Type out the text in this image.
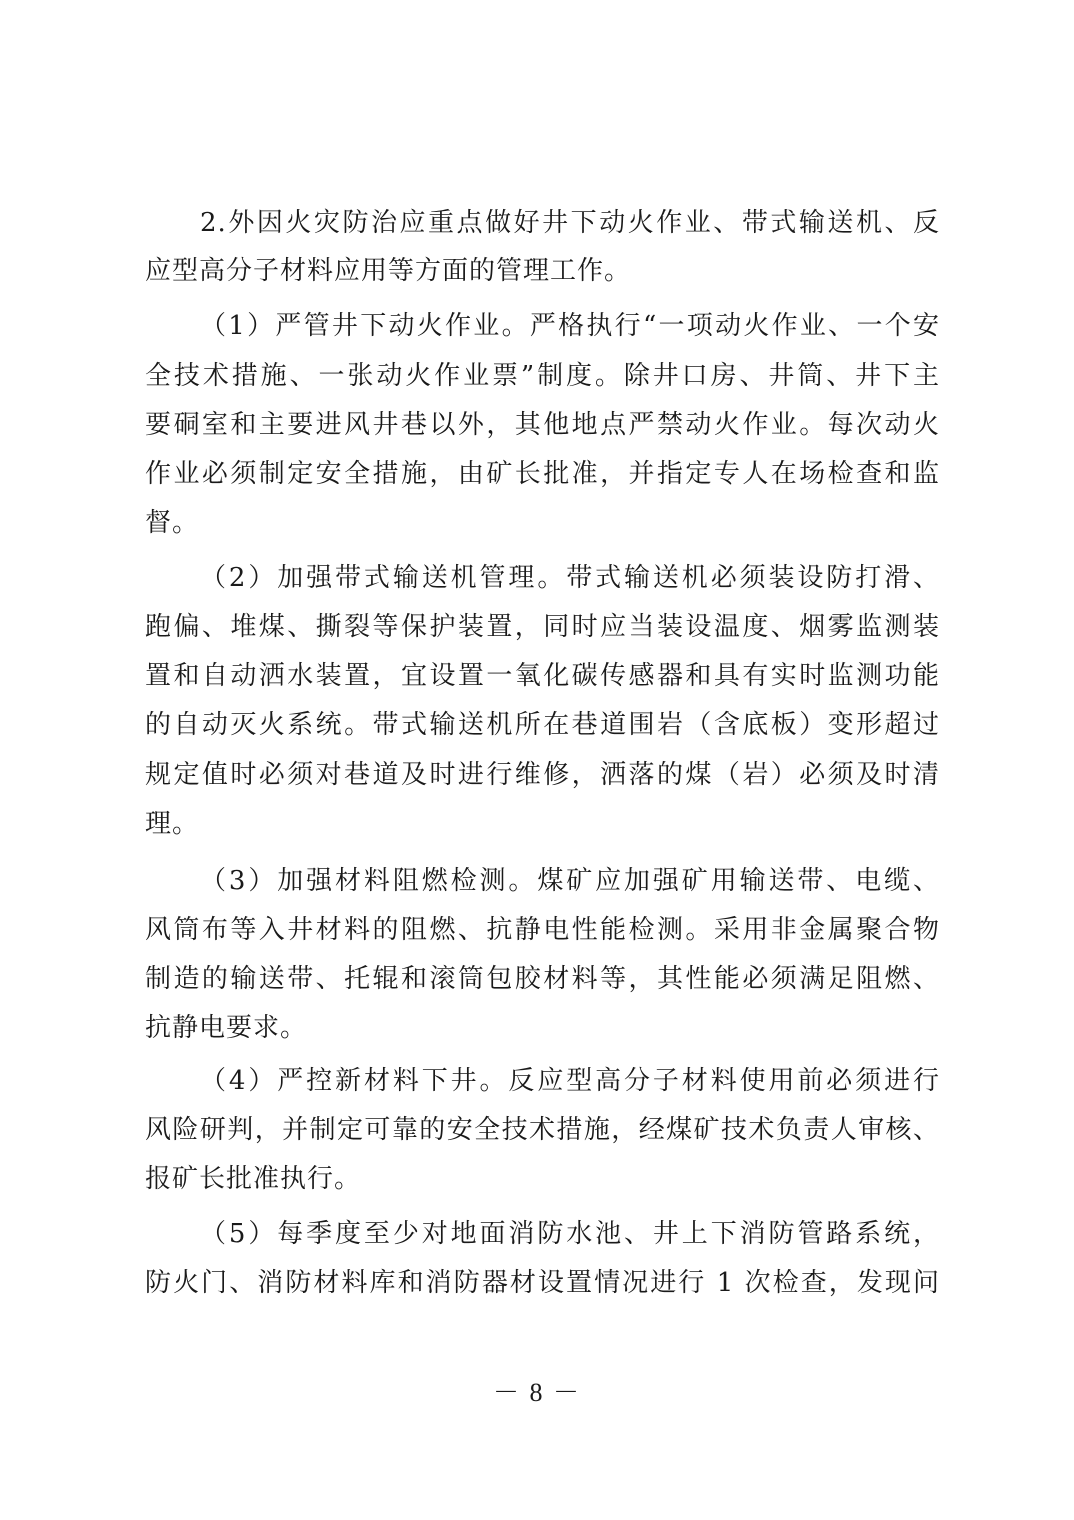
2.外因火灾防治应重点做好井下动火作业、带式输送机、反
应型高分子材料应用等方面的管理工作。
（1）严管井下动火作业。严格执行“一项动火作业、一个安
全技术措施、一张动火作业票”制度。除井口房、井筒、井下主
要硐室和主要进风井巷以外，其他地点严禁动火作业。每次动火
作业必须制定安全措施，由矿长批准，并指定专人在场检查和监
督。
（2）加强带式输送机管理。带式输送机必须装设防打滑、
跑偏、堆煤、撕裂等保护装置，同时应当装设温度、烟雾监测装
置和自动洒水装置，宜设置一氧化碳传感器和具有实时监测功能
的自动灭火系统。带式输送机所在巷道围岩（含底板）变形超过
规定值时必须对巷道及时进行维修，洒落的煤（岩）必须及时清
理。
（3）加强材料阻燃检测。煤矿应加强矿用输送带、电缆、
风筒布等入井材料的阻燃、抗静电性能检测。采用非金属聚合物
制造的输送带、托辊和滚筒包胶材料等，其性能必须满足阻燃、
抗静电要求。
（4）严控新材料下井。反应型高分子材料使用前必须进行
风险研判，并制定可靠的安全技术措施，经煤矿技术负责人审核、
报矿长批准执行。
（5）每季度至少对地面消防水池、井上下消防管路系统，
防火门、消防材料库和消防器材设置情况进行 1 次检查，发现问
－ 8 －
